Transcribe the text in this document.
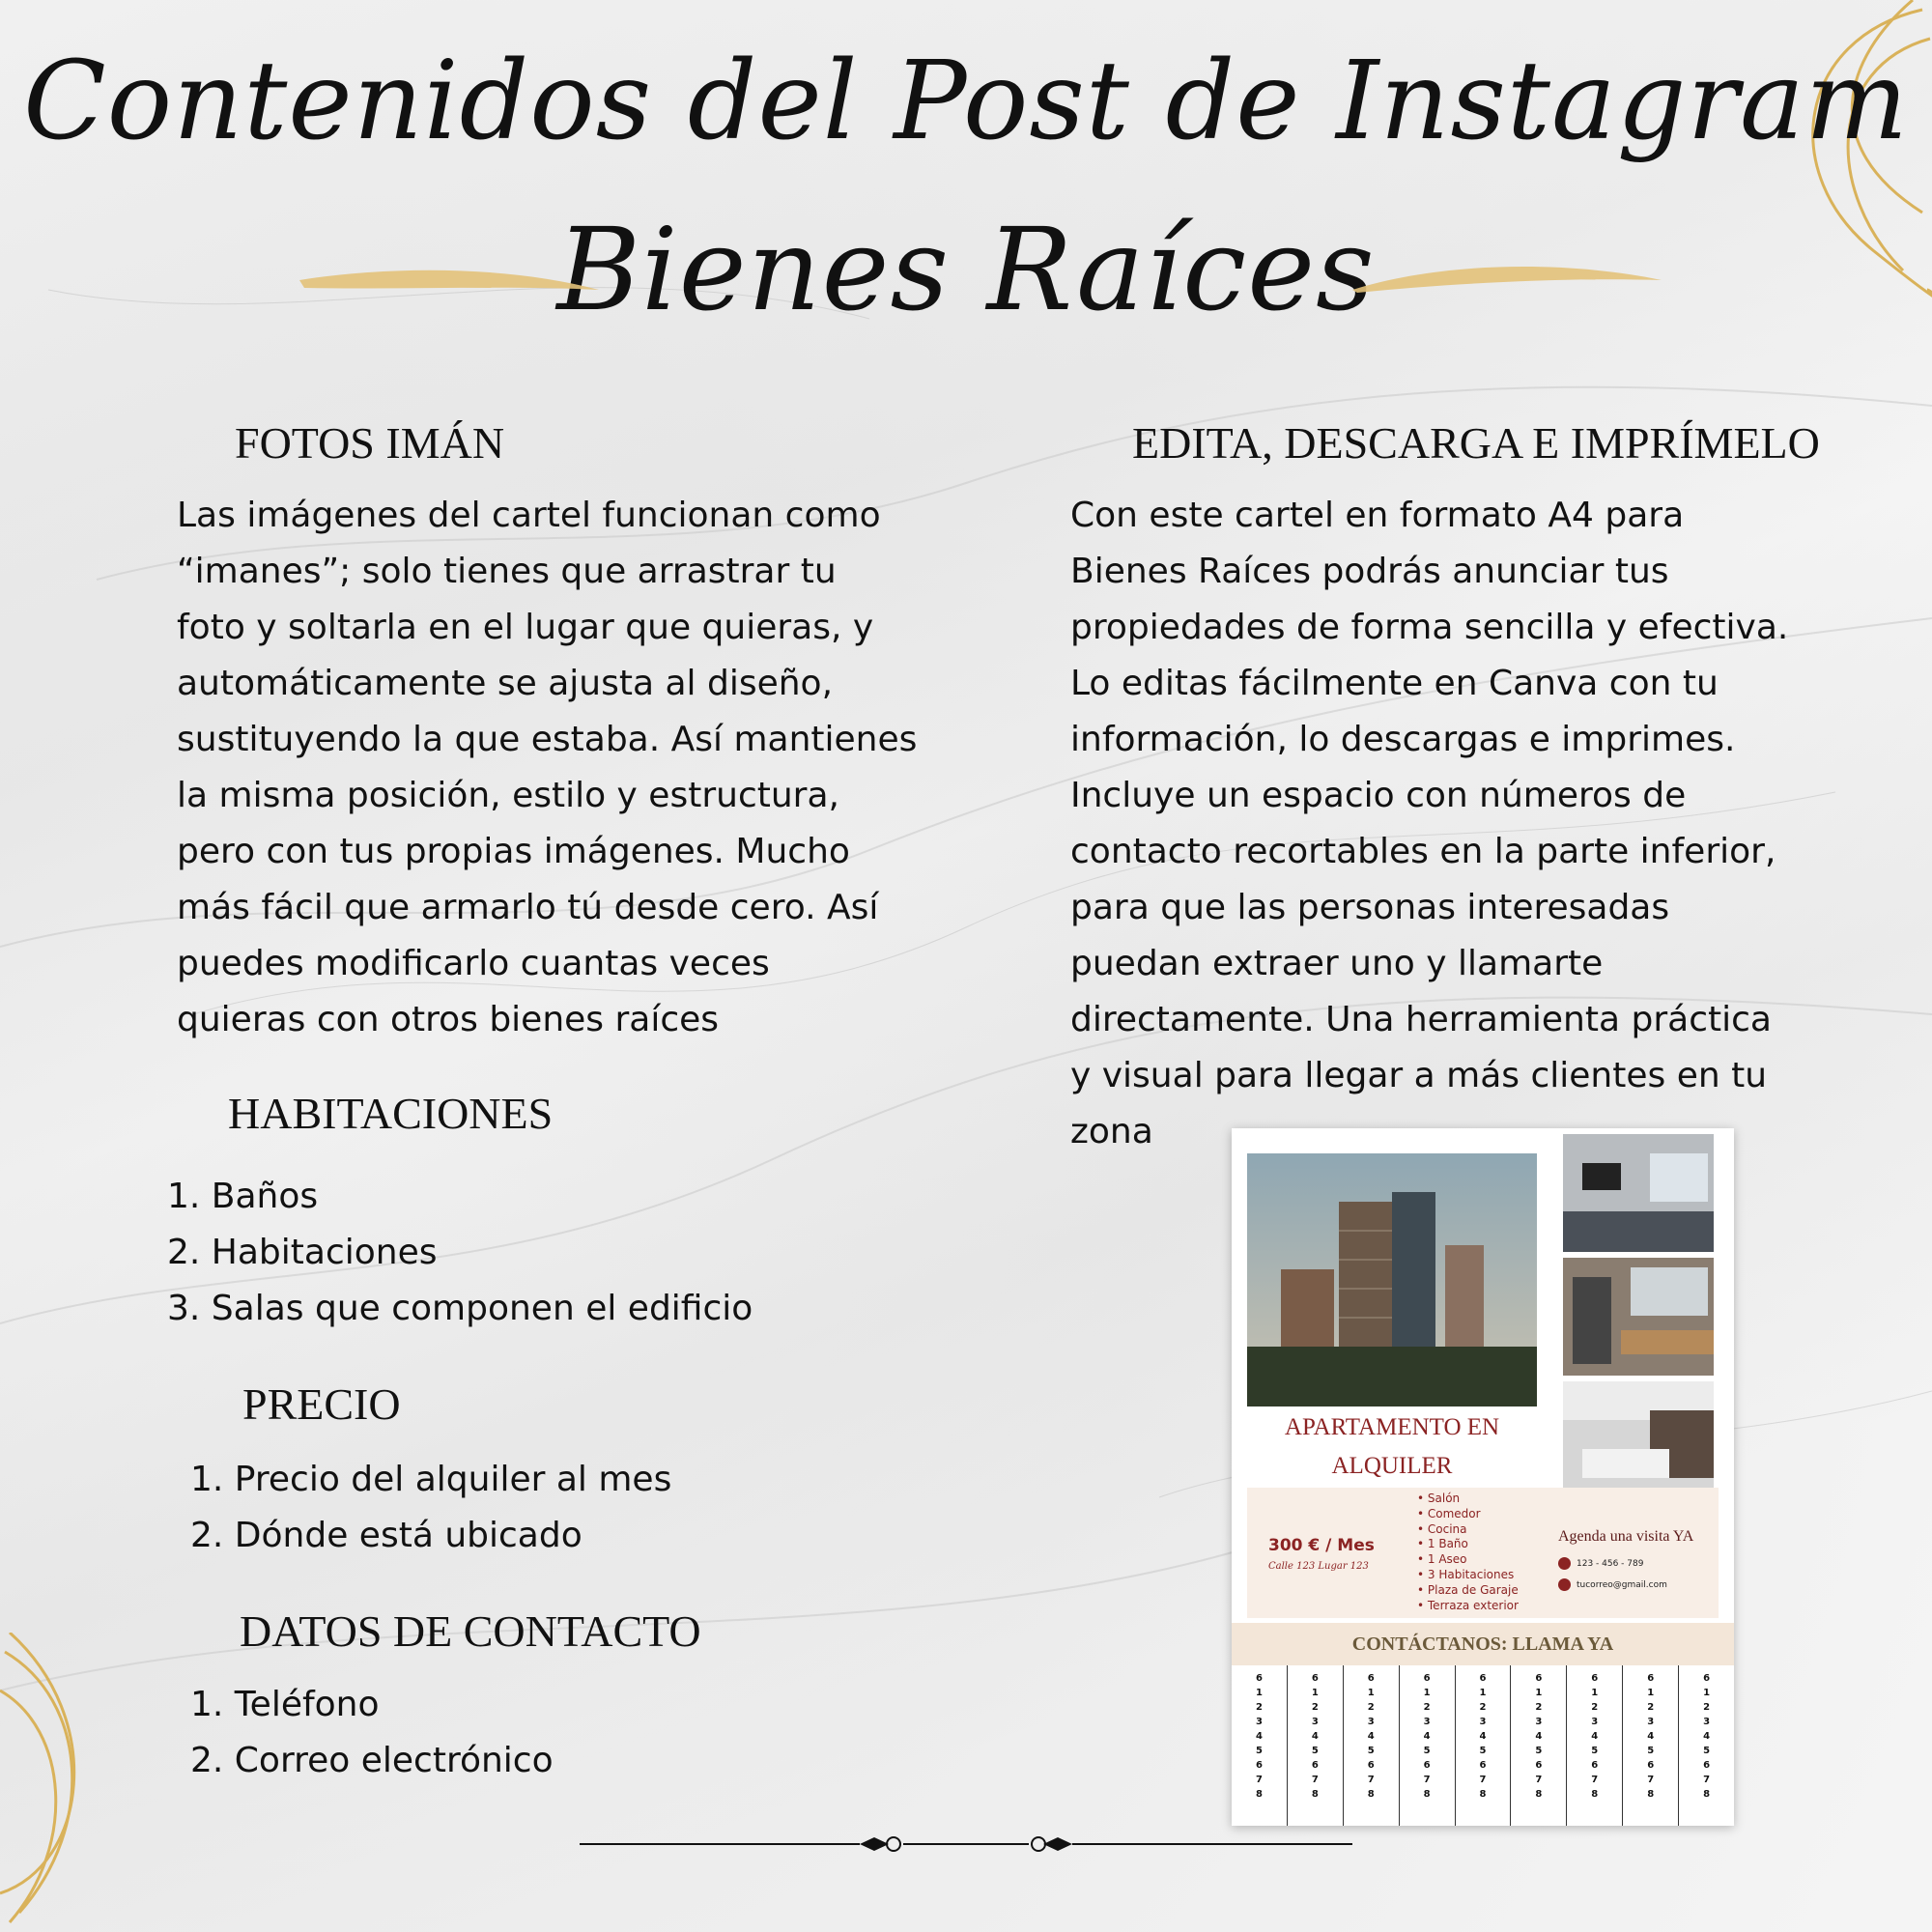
Contenidos del Post de Instagram
Bienes Raíces
FOTOS IMÁN
Las imágenes del cartel funcionan como
“imanes”; solo tienes que arrastrar tu
foto y soltarla en el lugar que quieras, y
automáticamente se ajusta al diseño,
sustituyendo la que estaba. Así mantienes
la misma posición, estilo y estructura,
pero con tus propias imágenes. Mucho
más fácil que armarlo tú desde cero. Así
puedes modificarlo cuantas veces
quieras con otros bienes raíces
HABITACIONES
1. Baños
2. Habitaciones
3. Salas que componen el edificio
PRECIO
1. Precio del alquiler al mes
2. Dónde está ubicado
DATOS DE CONTACTO
1. Teléfono
2. Correo electrónico
EDITA, DESCARGA E IMPRÍMELO
Con este cartel en formato A4 para
Bienes Raíces podrás anunciar tus
propiedades de forma sencilla y efectiva.
Lo editas fácilmente en Canva con tu
información, lo descargas e imprimes.
Incluye un espacio con números de
contacto recortables en la parte inferior,
para que las personas interesadas
puedan extraer uno y llamarte
directamente. Una herramienta práctica
y visual para llegar a más clientes en tu
zona
APARTAMENTO EN
ALQUILER
300 € / Mes
Calle 123 Lugar 123
• Salón
• Comedor
• Cocina
• 1 Baño
• 1 Aseo
• 3 Habitaciones
• Plaza de Garaje
• Terraza exterior
Agenda una visita YA
123 - 456 - 789
tucorreo@gmail.com
CONTÁCTANOS: LLAMA YA
6
1
2
3
4
5
6
7
8
6
1
2
3
4
5
6
7
8
6
1
2
3
4
5
6
7
8
6
1
2
3
4
5
6
7
8
6
1
2
3
4
5
6
7
8
6
1
2
3
4
5
6
7
8
6
1
2
3
4
5
6
7
8
6
1
2
3
4
5
6
7
8
6
1
2
3
4
5
6
7
8
